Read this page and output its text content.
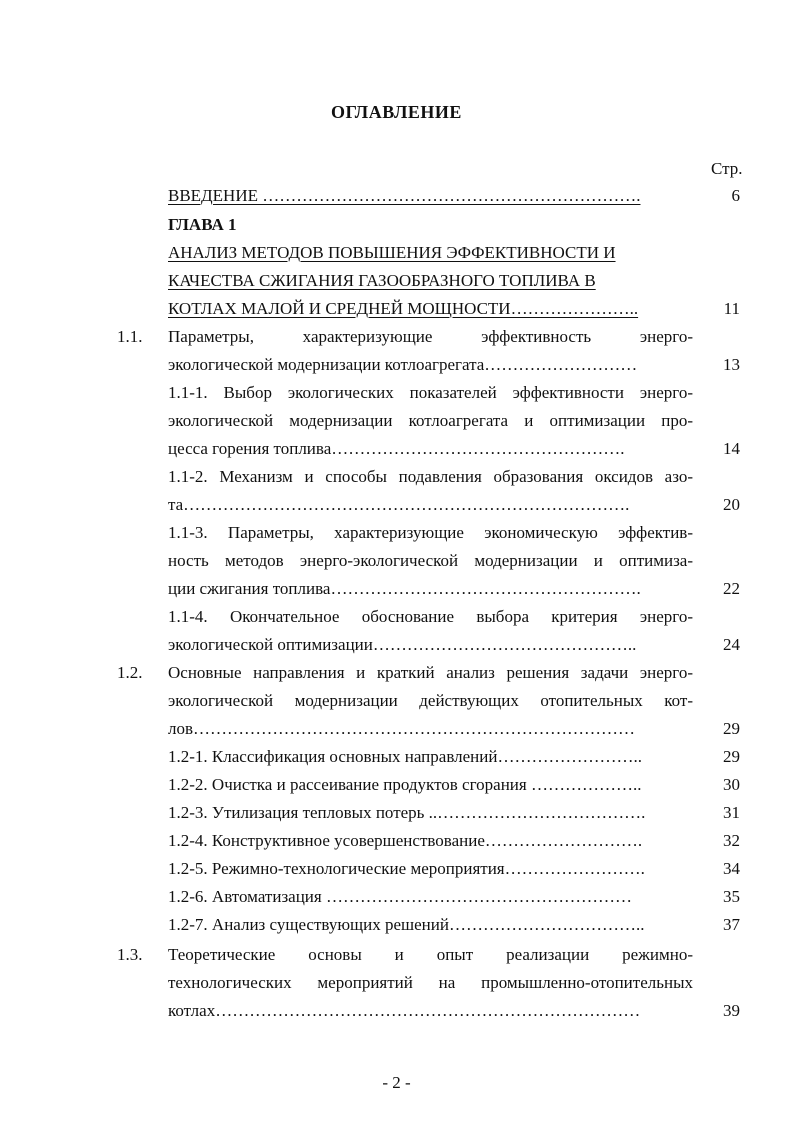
ОГЛАВЛЕНИЕ
Стр.
ВВЕДЕНИЕ ………………………………………………………….	6
ГЛАВА 1
АНАЛИЗ МЕТОДОВ ПОВЫШЕНИЯ ЭФФЕКТИВНОСТИ И
КАЧЕСТВА СЖИГАНИЯ ГАЗООБРАЗНОГО ТОПЛИВА В
КОТЛАХ МАЛОЙ И СРЕДНЕЙ МОЩНОСТИ…………………..	11
1.1. Параметры, характеризующие эффективность энерго-
экологической модернизации котлоагрегата………………………	13
1.1-1. Выбор экологических показателей эффективности энерго-
экологической модернизации котлоагрегата и оптимизации про-
цесса горения топлива…………………………………………….	14
1.1-2. Механизм и способы подавления образования оксидов азо-
та…………………………………………………………………….	20
1.1-3. Параметры, характеризующие экономическую эффектив-
ность методов энерго-экологической модернизации и оптимиза-
ции сжигания топлива……………………………………………….	22
1.1-4. Окончательное обоснование выбора критерия энерго-
экологической оптимизации………………………………………..	24
1.2. Основные направления и краткий анализ решения задачи энерго-
экологической модернизации действующих отопительных кот-
лов……………………………………………………………………	29
1.2-1. Классификация основных направлений……………………..	29
1.2-2. Очистка и рассеивание продуктов сгорания ………………..	30
1.2-3. Утилизация тепловых потерь ..……………………………….	31
1.2-4. Конструктивное усовершенствование……………………….	32
1.2-5. Режимно-технологические мероприятия…………………….	34
1.2-6. Автоматизация ………………………………………………	35
1.2-7. Анализ существующих решений……………………………..	37
1.3. Теоретические основы и опыт реализации режимно-
технологических мероприятий на промышленно-отопительных
котлах…………………………………………………………………	39
- 2 -
